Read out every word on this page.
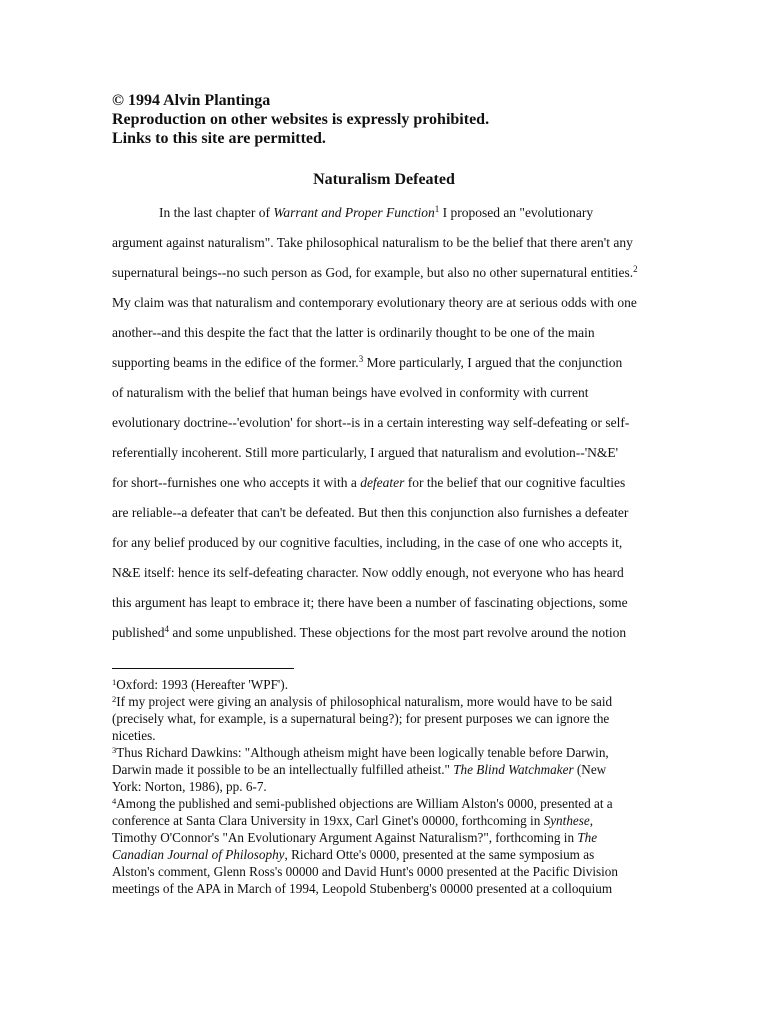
© 1994 Alvin Plantinga
Reproduction on other websites is expressly prohibited.
Links to this site are permitted.
Naturalism Defeated
In the last chapter of Warrant and Proper Function$^1$ I proposed an "evolutionary
argument against naturalism". Take philosophical naturalism to be the belief that there aren't any
supernatural beings--no such person as God, for example, but also no other supernatural entities.$^2$
My claim was that naturalism and contemporary evolutionary theory are at serious odds with one
another--and this despite the fact that the latter is ordinarily thought to be one of the main
supporting beams in the edifice of the former.$^3$ More particularly, I argued that the conjunction
of naturalism with the belief that human beings have evolved in conformity with current
evolutionary doctrine--'evolution' for short--is in a certain interesting way self-defeating or self-
referentially incoherent. Still more particularly, I argued that naturalism and evolution--'N&E'
for short--furnishes one who accepts it with a defeater for the belief that our cognitive faculties
are reliable--a defeater that can't be defeated. But then this conjunction also furnishes a defeater
for any belief produced by our cognitive faculties, including, in the case of one who accepts it,
N&E itself: hence its self-defeating character. Now oddly enough, not everyone who has heard
this argument has leapt to embrace it; there have been a number of fascinating objections, some
published$^4$ and some unpublished. These objections for the most part revolve around the notion
$^1$Oxford: 1993 (Hereafter 'WPF').
$^2$If my project were giving an analysis of philosophical naturalism, more would have to be said
(precisely what, for example, is a supernatural being?); for present purposes we can ignore the
niceties.
$^3$Thus Richard Dawkins: "Although atheism might have been logically tenable before Darwin,
Darwin made it possible to be an intellectually fulfilled atheist." The Blind Watchmaker (New
York: Norton, 1986), pp. 6-7.
$^4$Among the published and semi-published objections are William Alston's 0000, presented at a
conference at Santa Clara University in 19xx, Carl Ginet's 00000, forthcoming in Synthese,
Timothy O'Connor's "An Evolutionary Argument Against Naturalism?", forthcoming in The
Canadian Journal of Philosophy, Richard Otte's 0000, presented at the same symposium as
Alston's comment, Glenn Ross's 00000 and David Hunt's 0000 presented at the Pacific Division
meetings of the APA in March of 1994, Leopold Stubenberg's 00000 presented at a colloquium
